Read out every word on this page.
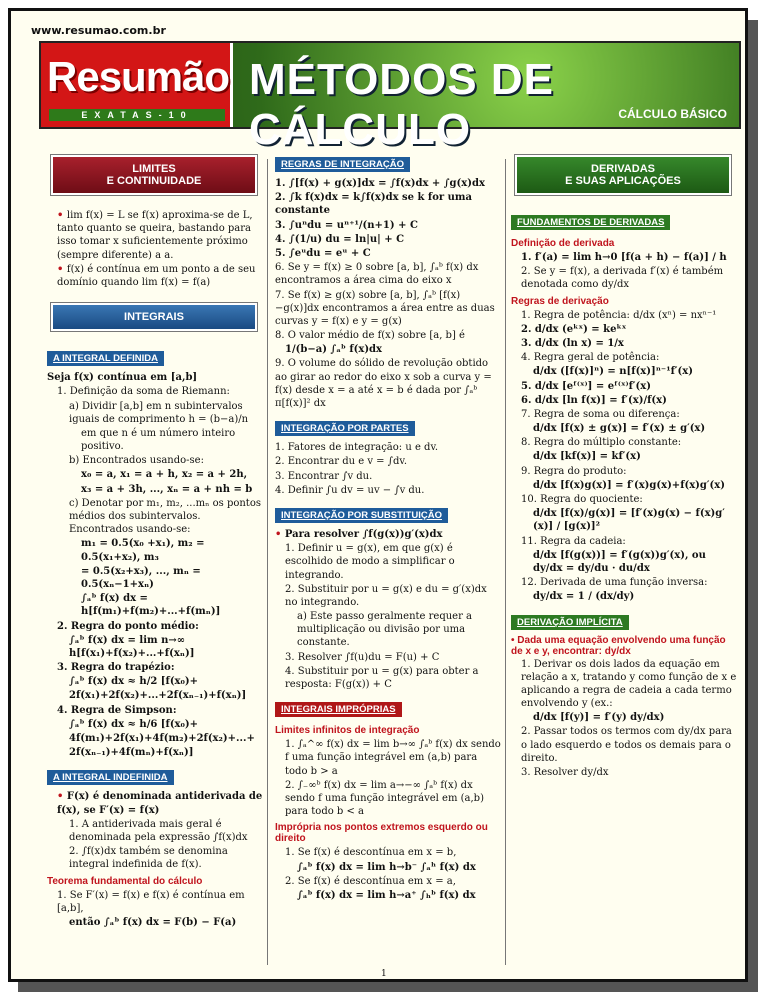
www.resumao.com.br
Resumão
EXATAS-10
MÉTODOS DE CÁLCULO	CÁLCULO BÁSICO
LIMITES
E CONTINUIDADE
• lim f(x) = L se f(x) aproxima-se de L, tanto quanto se queira, bastando para isso tomar x suficientemente próximo (sempre diferente) a a.
• f(x) é contínua em um ponto a de seu domínio quando lim f(x) = f(a)
INTEGRAIS
A INTEGRAL DEFINIDA
Seja f(x) contínua em [a,b]
1. Definição da soma de Riemann:
a) Dividir [a,b] em n subintervalos iguais de comprimento h = (b−a)/n
em que n é um número inteiro positivo.
b) Encontrados usando-se:
x₀ = a, x₁ = a + h, x₂ = a + 2h,
x₃ = a + 3h, ..., xₙ = a + nh = b
c) Denotar por m₁, m₂, ...mₙ os pontos médios dos subintervalos. Encontrados usando-se:
m₁ = 0.5(x₀ +x₁), m₂ = 0.5(x₁+x₂), m₃
= 0.5(x₂+x₃), ..., mₙ = 0.5(xₙ−1+xₙ)
∫ₐᵇ f(x) dx = h[f(m₁)+f(m₂)+...+f(mₙ)]
2. Regra do ponto médio:
∫ₐᵇ f(x) dx = lim n→∞ h[f(x₁)+f(x₂)+...+f(xₙ)]
3. Regra do trapézio:
∫ₐᵇ f(x) dx ≈ h/2 [f(x₀)+
2f(x₁)+2f(x₂)+...+2f(xₙ₋₁)+f(xₙ)]
4. Regra de Simpson:
∫ₐᵇ f(x) dx ≈ h/6 [f(x₀)+
4f(m₁)+2f(x₁)+4f(m₂)+2f(x₂)+...+
2f(xₙ₋₁)+4f(mₙ)+f(xₙ)]
A INTEGRAL INDEFINIDA
• F(x) é denominada antiderivada de f(x), se F′(x) = f(x)
1. A antiderivada mais geral é denominada pela expressão ∫f(x)dx
2. ∫f(x)dx também se denomina integral indefinida de f(x).
Teorema fundamental do cálculo
1. Se F′(x) = f(x) e f(x) é contínua em [a,b],
então ∫ₐᵇ f(x) dx = F(b) − F(a)
REGRAS DE INTEGRAÇÃO
1. ∫[f(x) + g(x)]dx = ∫f(x)dx + ∫g(x)dx
2. ∫k f(x)dx = k∫f(x)dx se k for uma constante
3. ∫uⁿdu = uⁿ⁺¹/(n+1) + C
4. ∫(1/u) du = ln|u| + C
5. ∫eᵘdu = eᵘ + C
6. Se y = f(x) ≥ 0 sobre [a, b], ∫ₐᵇ f(x) dx encontramos a área cima do eixo x
7. Se f(x) ≥ g(x) sobre [a, b], ∫ₐᵇ [f(x)−g(x)]dx encontramos a área entre as duas curvas y = f(x) e y = g(x)
8. O valor médio de f(x) sobre [a, b] é
1/(b−a) ∫ₐᵇ f(x)dx
9. O volume do sólido de revolução obtido ao girar ao redor do eixo x sob a curva y = f(x) desde x = a até x = b é dada por ∫ₐᵇ π[f(x)]² dx
INTEGRAÇÃO POR PARTES
1. Fatores de integração: u e dv.
2. Encontrar du e v = ∫dv.
3. Encontrar ∫v du.
4. Definir ∫u dv = uv − ∫v du.
INTEGRAÇÃO POR SUBSTITUIÇÃO
• Para resolver ∫f(g(x))g′(x)dx
1. Definir u = g(x), em que g(x) é escolhido de modo a simplificar o integrando.
2. Substituir por u = g(x) e du = g′(x)dx no integrando.
a) Este passo geralmente requer a multiplicação ou divisão por uma constante.
3. Resolver ∫f(u)du = F(u) + C
4. Substituir por u = g(x) para obter a resposta: F(g(x)) + C
INTEGRAIS IMPRÓPRIAS
Limites infinitos de integração
1. ∫ₐ^∞ f(x) dx = lim b→∞ ∫ₐᵇ f(x) dx sendo f uma função integrável em (a,b) para todo b > a
2. ∫₋∞ᵇ f(x) dx = lim a→−∞ ∫ₐᵇ f(x) dx sendo f uma função integrável em (a,b) para todo b < a
Imprópria nos pontos extremos esquerdo ou direito
1. Se f(x) é descontínua em x = b,
∫ₐᵇ f(x) dx = lim h→b⁻ ∫ₐʰ f(x) dx
2. Se f(x) é descontínua em x = a,
∫ₐᵇ f(x) dx = lim h→a⁺ ∫ₕᵇ f(x) dx
DERIVADAS
E SUAS APLICAÇÕES
FUNDAMENTOS DE DERIVADAS
Definição de derivada
1. f′(a) = lim h→0 [f(a + h) − f(a)] / h
2. Se y = f(x), a derivada f′(x) é também denotada como dy/dx
Regras de derivação
1. Regra de potência: d/dx (xⁿ) = nxⁿ⁻¹
2. d/dx (eᵏˣ) = keᵏˣ
3. d/dx (ln x) = 1/x
4. Regra geral de potência:
d/dx ([f(x)]ⁿ) = n[f(x)]ⁿ⁻¹f′(x)
5. d/dx [eᶠ⁽ˣ⁾] = eᶠ⁽ˣ⁾f′(x)
6. d/dx [ln f(x)] = f′(x)/f(x)
7. Regra de soma ou diferença:
d/dx [f(x) ± g(x)] = f′(x) ± g′(x)
8. Regra do múltiplo constante:
d/dx [kf(x)] = kf′(x)
9. Regra do produto:
d/dx [f(x)g(x)] = f′(x)g(x)+f(x)g′(x)
10. Regra do quociente:
d/dx [f(x)/g(x)] = [f′(x)g(x) − f(x)g′(x)] / [g(x)]²
11. Regra da cadeia:
d/dx [f(g(x))] = f′(g(x))g′(x), ou dy/dx = dy/du · du/dx
12. Derivada de uma função inversa:
dy/dx = 1 / (dx/dy)
DERIVAÇÃO IMPLÍCITA
• Dada uma equação envolvendo uma função de x e y, encontrar: dy/dx
1. Derivar os dois lados da equação em relação a x, tratando y como função de x e aplicando a regra de cadeia a cada termo envolvendo y (ex.:
d/dx [f(y)] = f′(y) dy/dx)
2. Passar todos os termos com dy/dx para o lado esquerdo e todos os demais para o direito.
3. Resolver dy/dx
1
